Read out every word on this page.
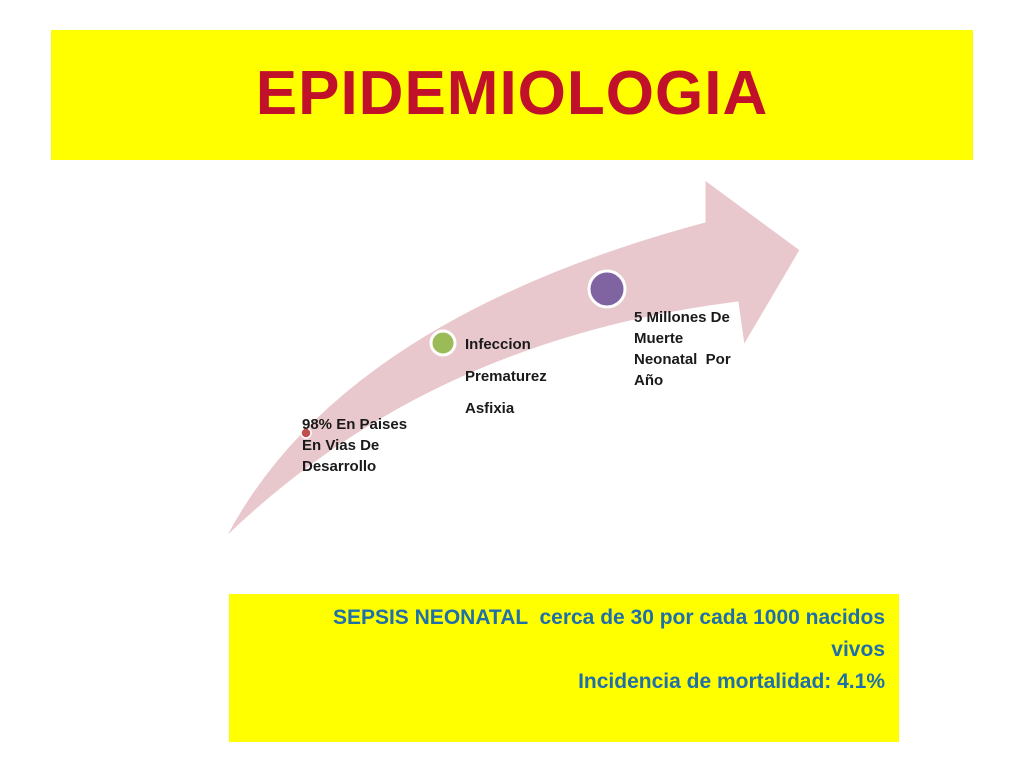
EPIDEMIOLOGIA
98% En Paises
En Vias De
Desarrollo
Infeccion
Prematurez
Asfixia
5 Millones De
Muerte
Neonatal  Por
Año
SEPSIS NEONATAL  cerca de 30 por cada 1000 nacidos
vivos
Incidencia de mortalidad: 4.1%
